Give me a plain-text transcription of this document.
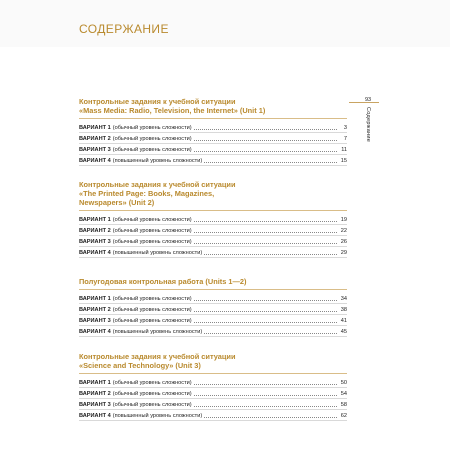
СОДЕРЖАНИЕ
93
Содержание

Контрольные задания к учебной ситуации
«Mass Media: Radio, Television, the Internet» (Unit 1)

ВАРИАНТ 1 (обычный уровень сложности)	3
ВАРИАНТ 2 (обычный уровень сложности)	7
ВАРИАНТ 3 (обычный уровень сложности)	11
ВАРИАНТ 4 (повышенный уровень сложности)	15

Контрольные задания к учебной ситуации
«The Printed Page: Books, Magazines,
Newspapers» (Unit 2)

ВАРИАНТ 1 (обычный уровень сложности)	19
ВАРИАНТ 2 (обычный уровень сложности)	22
ВАРИАНТ 3 (обычный уровень сложности)	26
ВАРИАНТ 4 (повышенный уровень сложности)	29

Полугодовая контрольная работа (Units 1—2)

ВАРИАНТ 1 (обычный уровень сложности)	34
ВАРИАНТ 2 (обычный уровень сложности)	38
ВАРИАНТ 3 (обычный уровень сложности)	41
ВАРИАНТ 4 (повышенный уровень сложности)	45

Контрольные задания к учебной ситуации
«Science and Technology» (Unit 3)

ВАРИАНТ 1 (обычный уровень сложности)	50
ВАРИАНТ 2 (обычный уровень сложности)	54
ВАРИАНТ 3 (обычный уровень сложности)	58
ВАРИАНТ 4 (повышенный уровень сложности)	62
